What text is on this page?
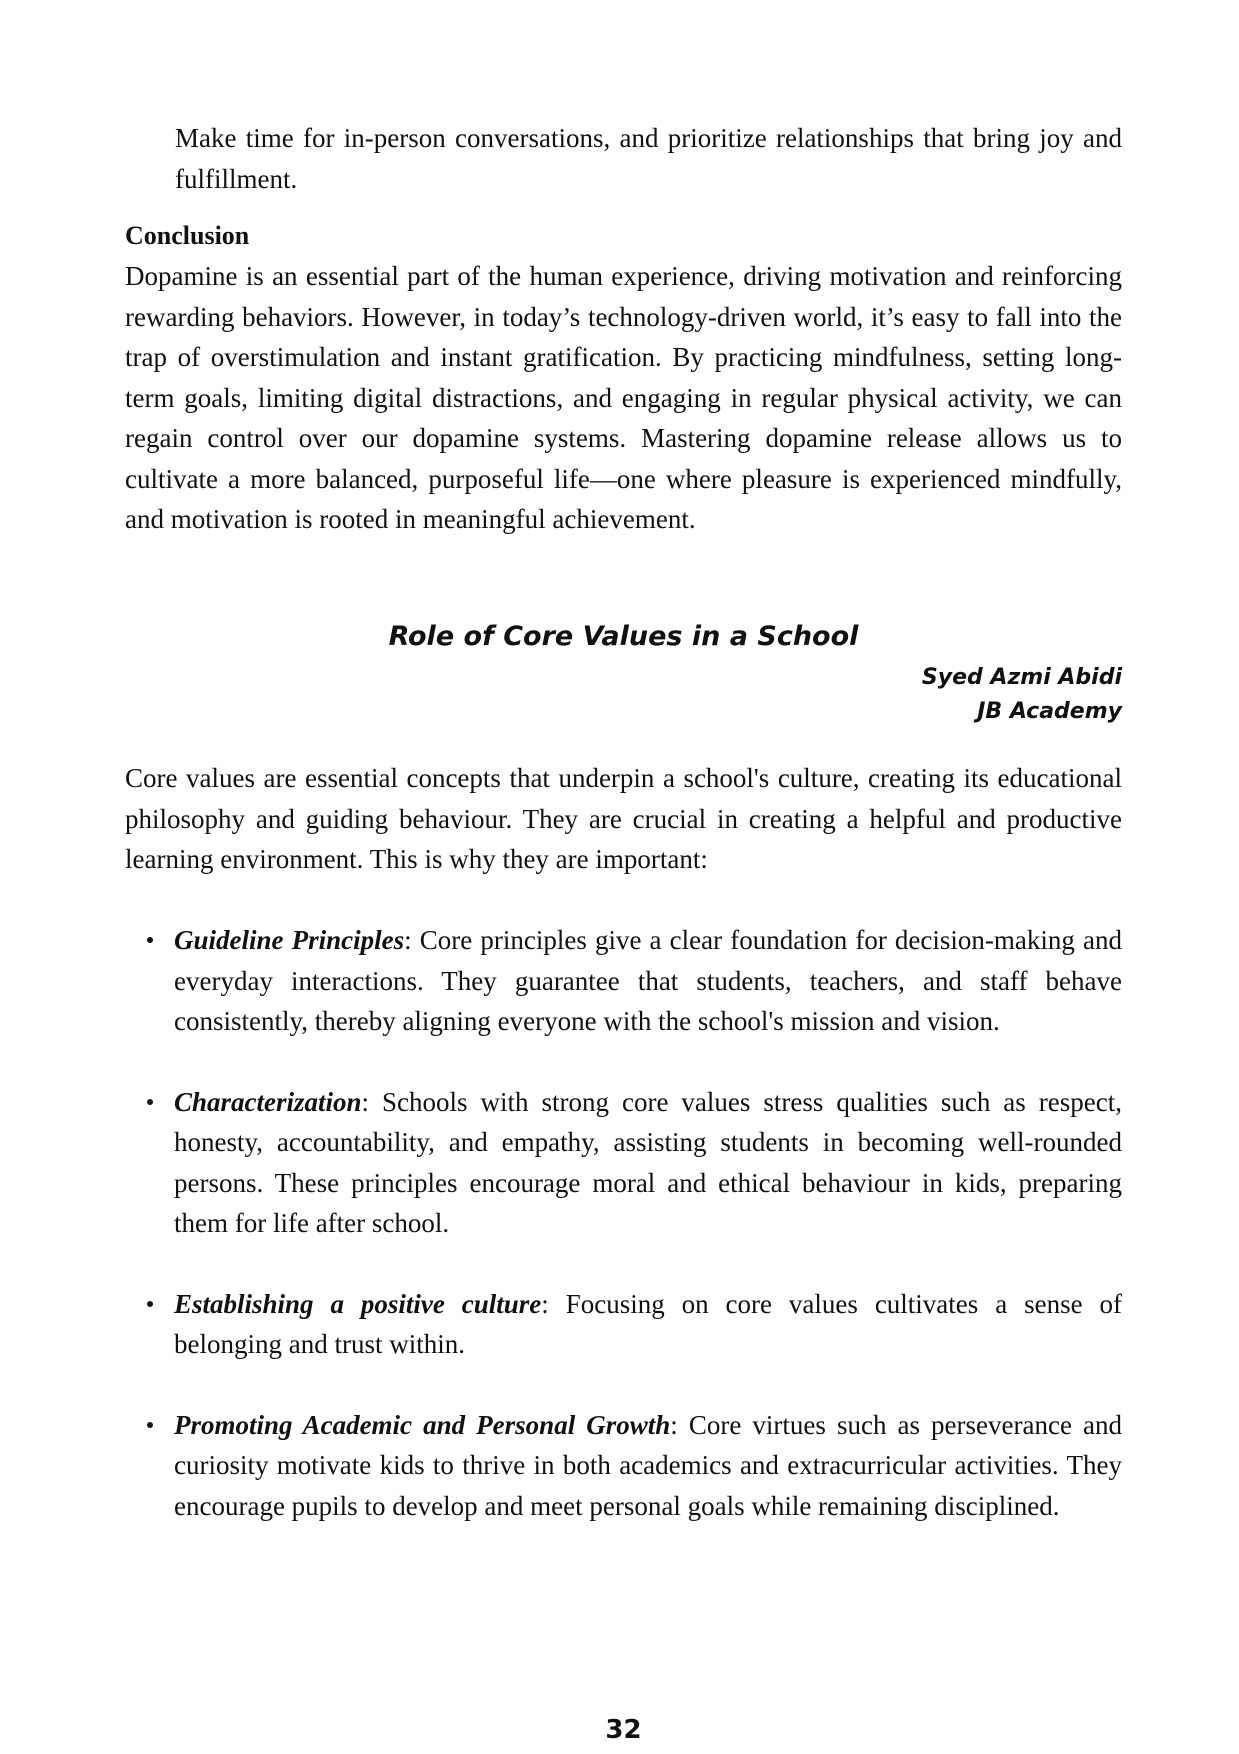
Make time for in-person conversations, and prioritize relationships that bring joy and fulfillment.

Conclusion

Dopamine is an essential part of the human experience, driving motivation and reinforcing rewarding behaviors. However, in today’s technology-driven world, it’s easy to fall into the trap of overstimulation and instant gratification. By practicing mindfulness, setting long-term goals, limiting digital distractions, and engaging in regular physical activity, we can regain control over our dopamine systems. Mastering dopamine release allows us to cultivate a more balanced, purposeful life—one where pleasure is experienced mindfully, and motivation is rooted in meaningful achievement.

Role of Core Values in a School
Syed Azmi Abidi
JB Academy

Core values are essential concepts that underpin a school's culture, creating its educational philosophy and guiding behaviour. They are crucial in creating a helpful and productive learning environment. This is why they are important:

Guideline Principles: Core principles give a clear foundation for decision-making and everyday interactions. They guarantee that students, teachers, and staff behave consistently, thereby aligning everyone with the school's mission and vision.
Characterization: Schools with strong core values stress qualities such as respect, honesty, accountability, and empathy, assisting students in becoming well-rounded persons. These principles encourage moral and ethical behaviour in kids, preparing them for life after school.
Establishing a positive culture: Focusing on core values cultivates a sense of belonging and trust within.
Promoting Academic and Personal Growth: Core virtues such as perseverance and curiosity motivate kids to thrive in both academics and extracurricular activities. They encourage pupils to develop and meet personal goals while remaining disciplined.
32
